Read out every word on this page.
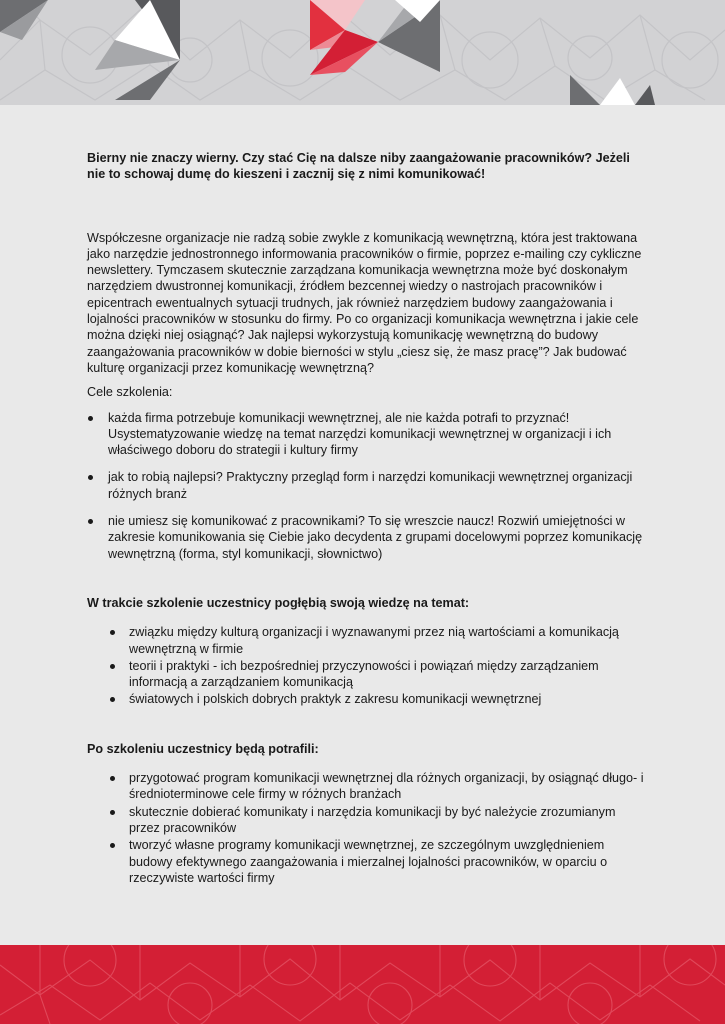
Bierny nie znaczy wierny. Czy stać Cię na dalsze niby zaangażowanie pracowników? Jeżeli nie to schowaj dumę do kieszeni i zacznij się z nimi komunikować!

Współczesne organizacje nie radzą sobie zwykle z komunikacją wewnętrzną, która jest traktowana jako narzędzie jednostronnego informowania pracowników o firmie, poprzez e-mailing czy cykliczne newslettery. Tymczasem skutecznie zarządzana komunikacja wewnętrzna może być doskonałym narzędziem dwustronnej komunikacji, źródłem bezcennej wiedzy o nastrojach pracowników i epicentrach ewentualnych sytuacji trudnych, jak również narzędziem budowy zaangażowania i lojalności pracowników w stosunku do firmy. Po co organizacji komunikacja wewnętrzna i jakie cele można dzięki niej osiągnąć? Jak najlepsi wykorzystują komunikację wewnętrzną do budowy zaangażowania pracowników w dobie bierności w stylu „ciesz się, że masz pracę”? Jak budować kulturę organizacji przez komunikację wewnętrzną?

Cele szkolenia:

każda firma potrzebuje komunikacji wewnętrznej, ale nie każda potrafi to przyznać! Usystematyzowanie wiedzę na temat narzędzi komunikacji wewnętrznej w organizacji i ich właściwego doboru do strategii i kultury firmy
jak to robią najlepsi? Praktyczny przegląd form i narzędzi komunikacji wewnętrznej organizacji różnych branż
nie umiesz się komunikować z pracownikami? To się wreszcie naucz! Rozwiń umiejętności w zakresie komunikowania się Ciebie jako decydenta z grupami docelowymi poprzez komunikację wewnętrzną (forma, styl komunikacji, słownictwo)

W trakcie szkolenie uczestnicy pogłębią swoją wiedzę na temat:

związku między kulturą organizacji i wyznawanymi przez nią wartościami a komunikacją wewnętrzną w firmie
teorii i praktyki - ich bezpośredniej przyczynowości i powiązań między zarządzaniem informacją a zarządzaniem komunikacją
światowych i polskich dobrych praktyk z zakresu komunikacji wewnętrznej

Po szkoleniu uczestnicy będą potrafili:

przygotować program komunikacji wewnętrznej dla różnych organizacji, by osiągnąć długo- i średnioterminowe cele firmy w różnych branżach
skutecznie dobierać komunikaty i narzędzia komunikacji by być należycie zrozumianym przez pracowników
tworzyć własne programy komunikacji wewnętrznej, ze szczególnym uwzględnieniem budowy efektywnego zaangażowania i mierzalnej lojalności pracowników, w oparciu o rzeczywiste wartości firmy
